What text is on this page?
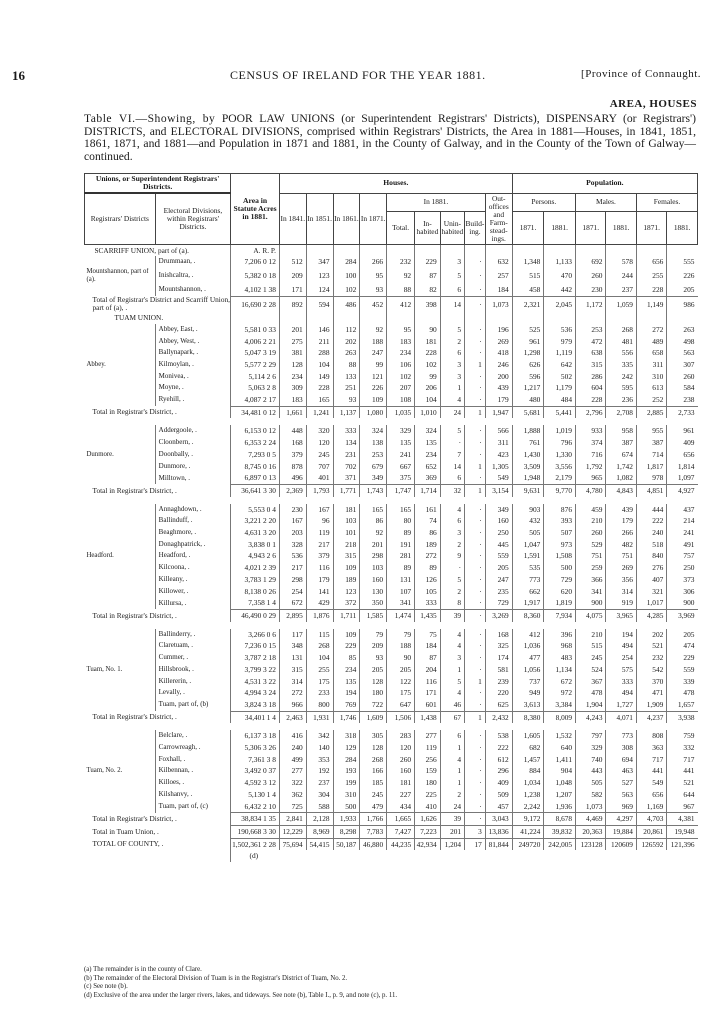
16	CENSUS OF IRELAND FOR THE YEAR 1881.	[Province of Connaught.
AREA, HOUSES
Table VI.—Showing, by POOR LAW UNIONS (or Superintendent Registrars' Districts), DISPENSARY (or Registrars') DISTRICTS, and ELECTORAL DIVISIONS, comprised within Registrars' Districts, the Area in 1881—Houses, in 1841, 1851, 1861, 1871, and 1881—and Population in 1871 and 1881, in the County of Galway, and in the County of the Town of Galway—continued.
Unions, or Superintendent Registrars' Districts.		Area in Statute Acres in 1881.	Houses.									Population.					
Registrars' Districts	Electoral Divisions, within Registrars' Districts.		In 1841.	In 1851.	In 1861.	In 1871.	In 1881.				Out-offices and Farm-stead-ings.	Persons.		Males.		Females.	
							Total.	In-habited	Unin-habited	Build-ing.		1871.	1881.	1871.	1881.	1871.	1881.
SCARRIFF UNION, part of (a).		A. R. P.															
	Drummaan, .	7,206 0 12	512	347	284	266	232	229	3	·	632	1,348	1,133	692	578	656	555
Mountshannon, part of (a).	Inishcaltra, .	5,382 0 18	209	123	100	95	92	87	5	·	257	515	470	260	244	255	226
	Mountshannon, .	4,102 1 38	171	124	102	93	88	82	6	·	184	458	442	230	237	228	205
Total of Registrar's District and Scarriff Union, part of (a), .		16,690 2 28	892	594	486	452	412	398	14	·	1,073	2,321	2,045	1,172	1,059	1,149	986
TUAM UNION.																	
	Abbey, East, .	5,581 0 33	201	146	112	92	95	90	5	·	196	525	536	253	268	272	263
	Abbey, West, .	4,006 2 21	275	211	202	188	183	181	2	·	269	961	979	472	481	489	498
	Ballynapark, .	5,047 3 19	381	288	263	247	234	228	6	·	418	1,298	1,119	638	556	658	563
Abbey.	Kilmoylan, .	5,577 2 29	128	104	88	99	106	102	3	1	246	626	642	315	335	311	307
	Monivea, .	5,114 2 6	234	149	133	121	102	99	3	·	200	596	502	286	242	310	260
	Moyne, .	5,063 2 8	309	228	251	226	207	206	1	·	439	1,217	1,179	604	595	613	584
	Ryehill, .	4,087 2 17	183	165	93	109	108	104	4	·	179	480	484	228	236	252	238
Total in Registrar's District, .		34,481 0 12	1,661	1,241	1,137	1,080	1,035	1,010	24	1	1,947	5,681	5,441	2,796	2,708	2,885	2,733

	Addergoole, .	6,153 0 12	448	320	333	324	329	324	5	·	566	1,888	1,019	933	958	955	961
	Cloonbern, .	6,353 2 24	168	120	134	138	135	135	·	·	311	761	796	374	387	387	409
Dunmore.	Doonbally, .	7,293 0 5	379	245	231	253	241	234	7	·	423	1,430	1,330	716	674	714	656
	Dunmore, .	8,745 0 16	878	707	702	679	667	652	14	1	1,305	3,509	3,556	1,792	1,742	1,817	1,814
	Milltown, .	6,897 0 13	496	401	371	349	375	369	6	·	549	1,948	2,179	965	1,082	978	1,097
Total in Registrar's District, .		36,641 3 30	2,369	1,793	1,771	1,743	1,747	1,714	32	1	3,154	9,631	9,770	4,780	4,843	4,851	4,927

	Annaghdown, .	5,553 0 4	230	167	181	165	165	161	4	·	349	903	876	459	439	444	437
	Ballinduff, .	3,221 2 20	167	96	103	86	80	74	6	·	160	432	393	210	179	222	214
	Beaghmore, .	4,631 3 20	203	119	101	92	89	86	3	·	250	505	507	260	266	240	241
	Donaghpatrick, .	3,838 0 1	328	217	218	201	191	189	2	·	445	1,047	973	529	482	518	491
Headford.	Headford, .	4,943 2 6	536	379	315	298	281	272	9	·	559	1,591	1,508	751	751	840	757
	Kilcoona, .	4,021 2 39	217	116	109	103	89	89	·	·	205	535	500	259	269	276	250
	Killeany, .	3,783 1 29	298	179	189	160	131	126	5	·	247	773	729	366	356	407	373
	Killower, .	8,138 0 26	254	141	123	130	107	105	2	·	235	662	620	341	314	321	306
	Killursa, .	7,358 1 4	672	429	372	350	341	333	8	·	729	1,917	1,819	900	919	1,017	900
Total in Registrar's District, .		46,490 0 29	2,895	1,876	1,711	1,585	1,474	1,435	39	·	3,269	8,360	7,934	4,075	3,965	4,285	3,969

	Ballinderry, .	3,266 0 6	117	115	109	79	79	75	4	·	168	412	396	210	194	202	205
	Claretuam, .	7,236 0 15	348	268	229	209	188	184	4	·	325	1,036	968	515	494	521	474
	Cummer, .	3,787 2 18	131	104	85	93	90	87	3	·	174	477	483	245	254	232	229
Tuam, No. 1.	Hillsbrook, .	3,799 3 22	315	255	234	205	205	204	1	·	581	1,056	1,134	524	575	542	559
	Killererin, .	4,531 3 22	314	175	135	128	122	116	5	1	239	737	672	367	333	370	339
	Levally, .	4,994 3 24	272	233	194	180	175	171	4	·	220	949	972	478	494	471	478
	Tuam, part of, (b)	3,824 3 18	966	800	769	722	647	601	46	·	625	3,613	3,384	1,904	1,727	1,909	1,657
Total in Registrar's District, .		34,401 1 4	2,463	1,931	1,746	1,609	1,506	1,438	67	1	2,432	8,380	8,009	4,243	4,071	4,237	3,938

	Belclare, .	6,137 3 18	416	342	318	305	283	277	6	·	538	1,605	1,532	797	773	808	759
	Carrowreagh, .	5,306 3 26	240	140	129	128	120	119	1	·	222	682	640	329	308	363	332
	Foxhall, .	7,361 3 8	499	353	284	268	260	256	4	·	612	1,457	1,411	740	694	717	717
Tuam, No. 2.	Kilbennan, .	3,492 0 37	277	192	193	166	160	159	1	·	296	884	904	443	463	441	441
	Killoes, .	4,592 3 12	322	237	199	185	181	180	1	·	409	1,034	1,048	505	527	549	521
	Kilshanvy, .	5,130 1 4	362	304	310	245	227	225	2	·	509	1,238	1,207	582	563	656	644
	Tuam, part of, (c)	6,432 2 10	725	588	500	479	434	410	24	·	457	2,242	1,936	1,073	969	1,169	967
Total in Registrar's District, .		38,834 1 35	2,841	2,128	1,933	1,766	1,665	1,626	39	·	3,043	9,172	8,678	4,469	4,297	4,703	4,381
Total in Tuam Union, .		190,668 3 30	12,229	8,969	8,298	7,783	7,427	7,223	201	3	13,836	41,224	39,832	20,363	19,884	20,861	19,948
TOTAL OF COUNTY, .		1,502,361 2 28	75,694	54,415	50,187	46,880	44,235	42,934	1,204	17	81,844	249720	242,005	123128	120609	126592	121,396
		(d)															
(a) The remainder is in the county of Clare.
(b) The remainder of the Electoral Division of Tuam is in the Registrar's District of Tuam, No. 2.
(c) See note (b).
(d) Exclusive of the area under the larger rivers, lakes, and tideways. See note (b), Table I., p. 9, and note (c), p. 11.
